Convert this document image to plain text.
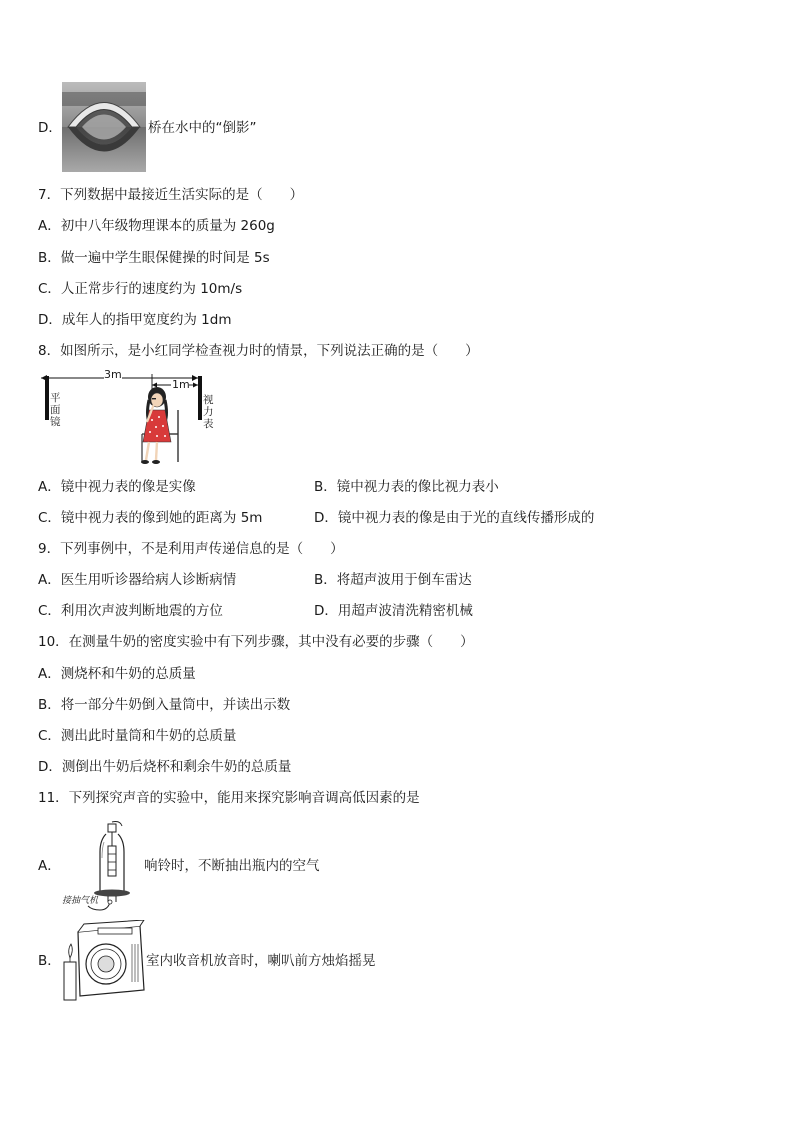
D．	桥在水中的“倒影”
7．下列数据中最接近生活实际的是（　　）
A．初中八年级物理课本的质量为 260g
B．做一遍中学生眼保健操的时间是 5s
C．人正常步行的速度约为 10m/s
D．成年人的指甲宽度约为 1dm
8．如图所示，是小红同学检查视力时的情景，下列说法正确的是（　　）
3m
1m
平
面
镜
视
力
表
A．镜中视力表的像是实像	B．镜中视力表的像比视力表小
C．镜中视力表的像到她的距离为 5m	D．镜中视力表的像是由于光的直线传播形成的
9．下列事例中，不是利用声传递信息的是（　　）
A．医生用听诊器给病人诊断病情	B．将超声波用于倒车雷达
C．利用次声波判断地震的方位	D．用超声波清洗精密机械
10．在测量牛奶的密度实验中有下列步骤，其中没有必要的步骤（　　）
A．测烧杯和牛奶的总质量
B．将一部分牛奶倒入量筒中，并读出示数
C．测出此时量筒和牛奶的总质量
D．测倒出牛奶后烧杯和剩余牛奶的总质量
11．下列探究声音的实验中，能用来探究影响音调高低因素的是
A．
接抽气机
响铃时，不断抽出瓶内的空气
B．	室内收音机放音时，喇叭前方烛焰摇晃
